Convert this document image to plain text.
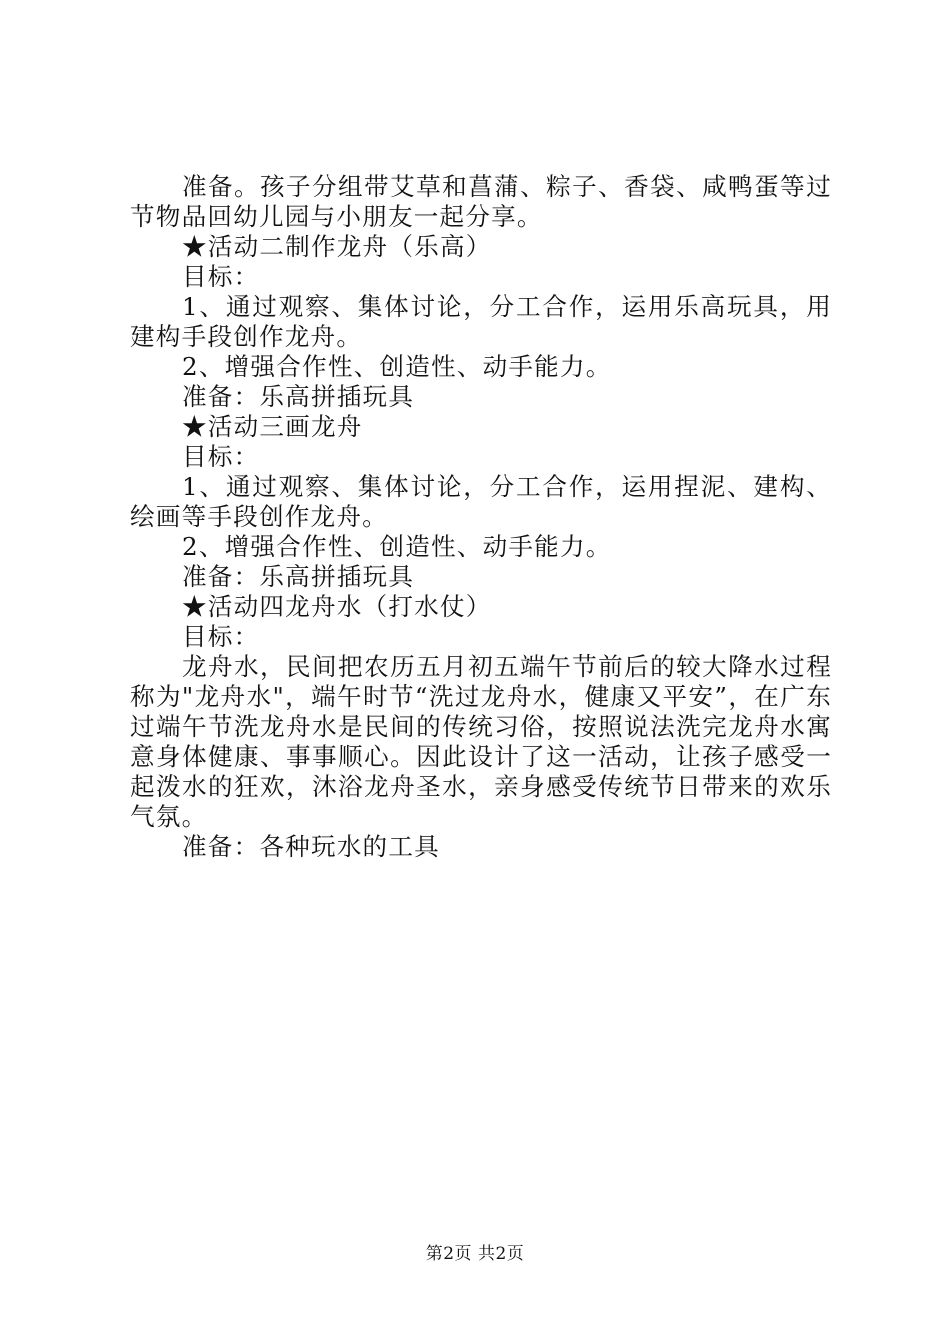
准备。孩子分组带艾草和菖蒲、粽子、香袋、咸鸭蛋等过节物品回幼儿园与小朋友一起分享。

★活动二制作龙舟（乐高）

目标：

1、通过观察、集体讨论，分工合作，运用乐高玩具，用建构手段创作龙舟。

2、增强合作性、创造性、动手能力。

准备：乐高拼插玩具

★活动三画龙舟

目标：

1、通过观察、集体讨论，分工合作，运用捏泥、建构、绘画等手段创作龙舟。

2、增强合作性、创造性、动手能力。

准备：乐高拼插玩具

★活动四龙舟水（打水仗）

目标：

龙舟水，民间把农历五月初五端午节前后的较大降水过程称为"龙舟水"，端午时节“洗过龙舟水，健康又平安”，在广东过端午节洗龙舟水是民间的传统习俗，按照说法洗完龙舟水寓意身体健康、事事顺心。因此设计了这一活动，让孩子感受一起泼水的狂欢，沐浴龙舟圣水，亲身感受传统节日带来的欢乐气氛。

准备：各种玩水的工具

第2页 共2页
